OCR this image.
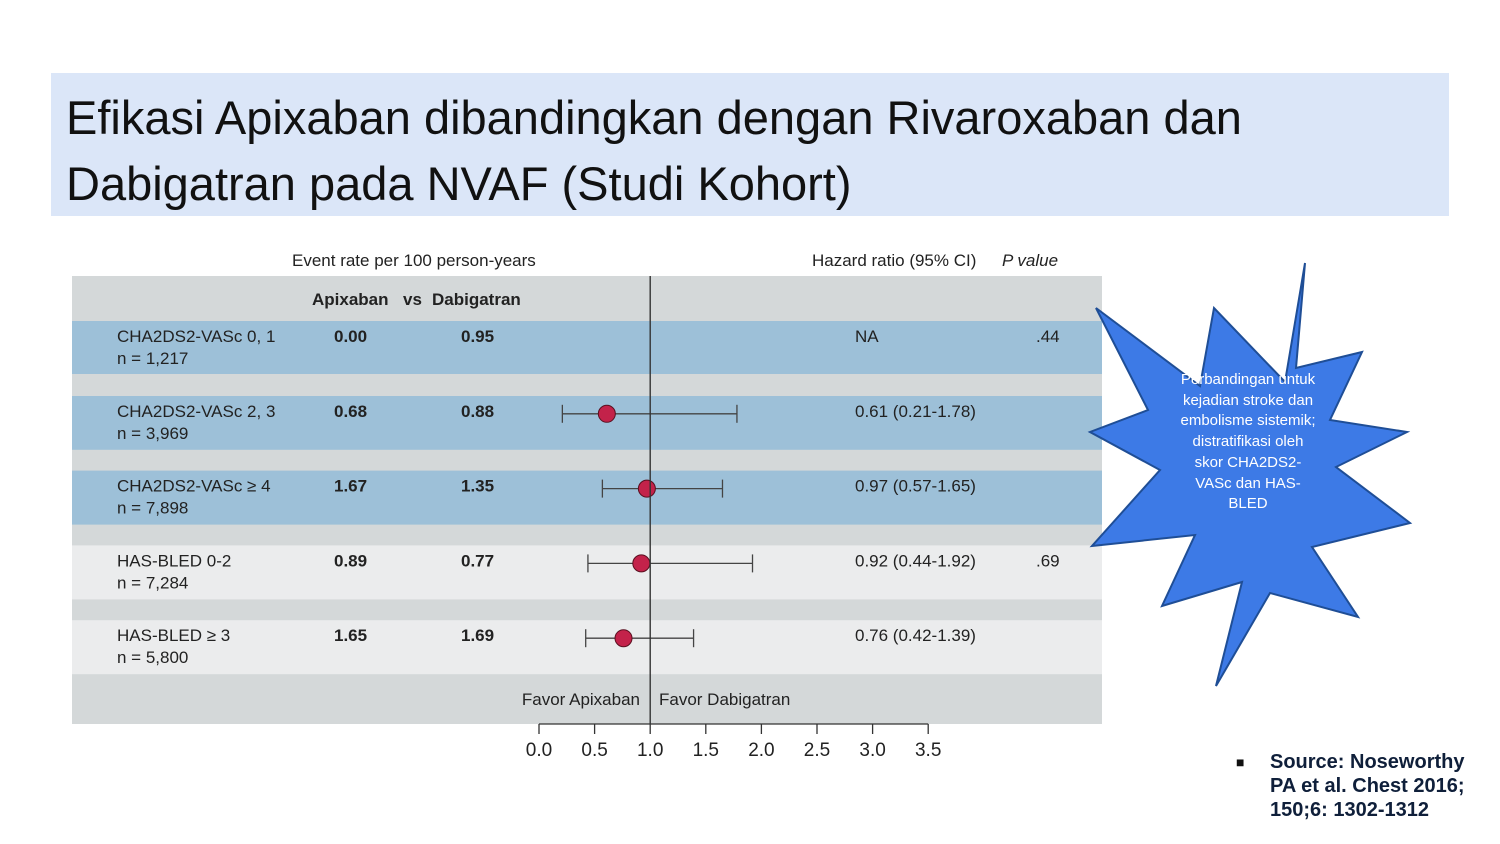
Efikasi Apixaban dibandingkan dengan Rivaroxaban dan
Dabigatran pada NVAF (Studi Kohort)
Event rate per 100 person-years	Hazard ratio (95% CI) P value
Apixaban vs Dabigatran
CHA2DS2-VASc 0, 1
n = 1,217
0.00	0.95	NA	.44
CHA2DS2-VASc 2, 3
n = 3,969
0.68	0.88	0.61 (0.21-1.78)
CHA2DS2-VASc ≥ 4
n = 7,898
1.67	1.35	0.97 (0.57-1.65)
HAS-BLED 0-2
n = 7,284
0.89	0.77	0.92 (0.44-1.92)	.69
HAS-BLED ≥ 3
n = 5,800
1.65	1.69	0.76 (0.42-1.39)
Favor Apixaban Favor Dabigatran
0.0 0.5 1.0 1.5 2.0 2.5 3.0 3.5
Perbandingan untuk kejadian stroke dan embolisme sistemik; distratifikasi oleh skor CHA2DS2-VASc dan HAS-BLED
■ Source: Noseworthy PA et al. Chest 2016; 150;6: 1302-1312
